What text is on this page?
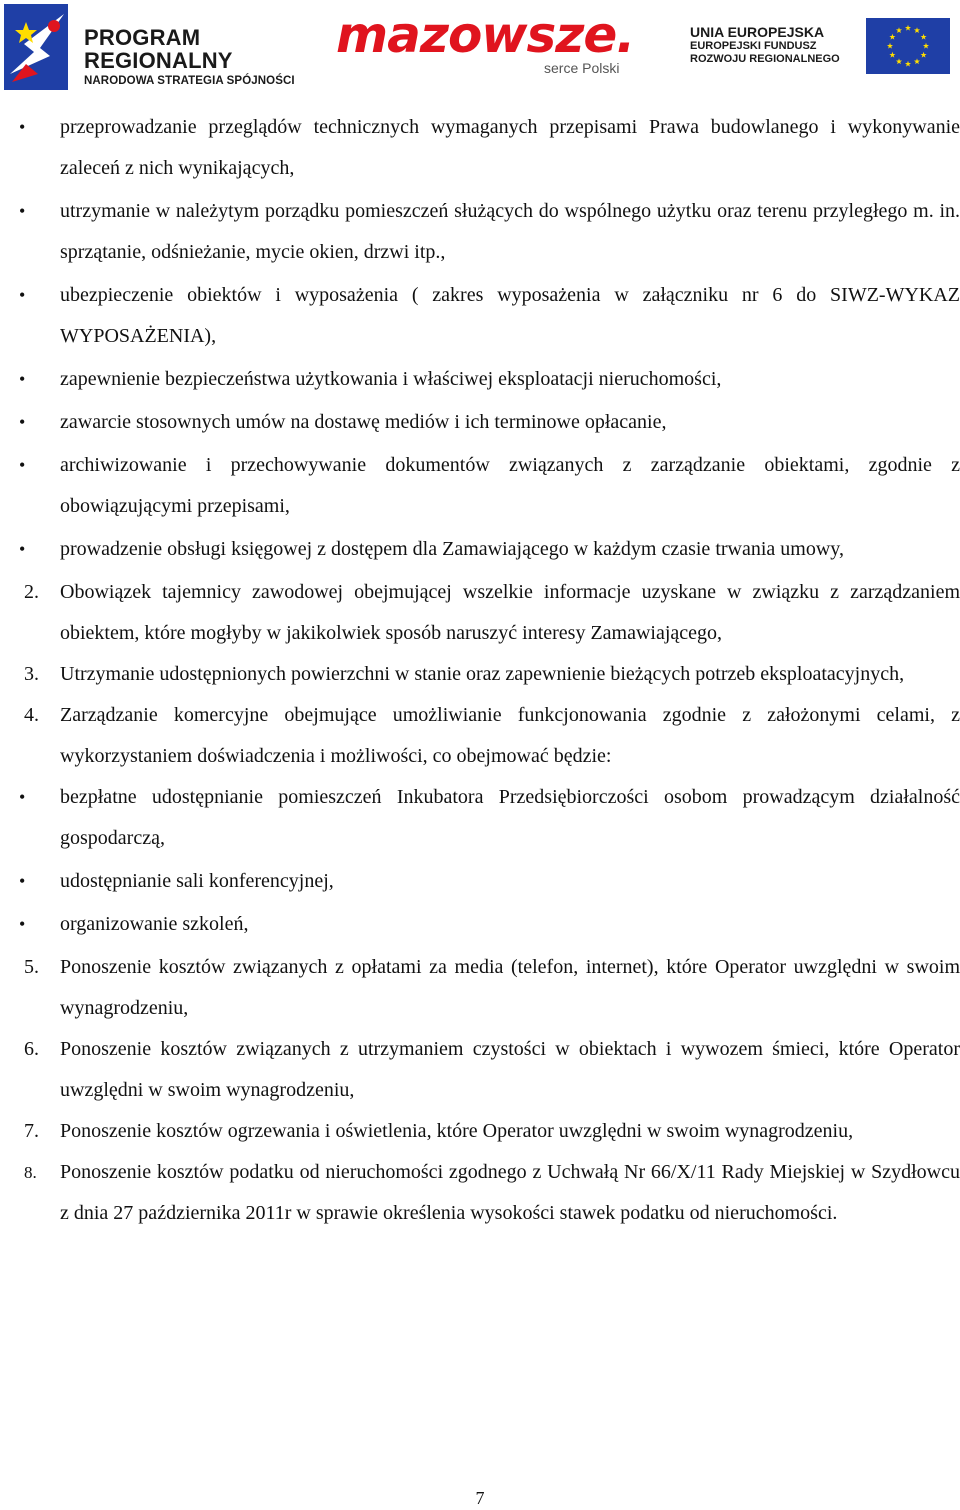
PROGRAM
REGIONALNY
NARODOWA STRATEGIA SPÓJNOŚCI
mazowsze.
serce Polski
UNIA EUROPEJSKA
EUROPEJSKI FUNDUSZ
ROZWOJU REGIONALNEGO
• przeprowadzanie przeglądów technicznych wymaganych przepisami Prawa budowlanego i wykonywanie zaleceń z nich wynikających,
• utrzymanie w należytym porządku pomieszczeń służących do wspólnego użytku oraz terenu przyległego m. in. sprzątanie, odśnieżanie, mycie okien, drzwi itp.,
• ubezpieczenie obiektów i wyposażenia ( zakres wyposażenia w załączniku nr 6 do SIWZ-WYKAZ WYPOSAŻENIA),
• zapewnienie bezpieczeństwa użytkowania i właściwej eksploatacji nieruchomości,
• zawarcie stosownych umów na dostawę mediów i ich terminowe opłacanie,
• archiwizowanie i przechowywanie dokumentów związanych z zarządzanie obiektami, zgodnie z obowiązującymi przepisami,
• prowadzenie obsługi księgowej z dostępem dla Zamawiającego w każdym czasie trwania umowy,
2. Obowiązek tajemnicy zawodowej obejmującej wszelkie informacje uzyskane w związku z zarządzaniem obiektem, które mogłyby w jakikolwiek sposób naruszyć interesy Zamawiającego,
3. Utrzymanie udostępnionych powierzchni w stanie oraz zapewnienie bieżących potrzeb eksploatacyjnych,
4. Zarządzanie komercyjne obejmujące umożliwianie funkcjonowania zgodnie z założonymi celami, z wykorzystaniem doświadczenia i możliwości, co obejmować będzie:
• bezpłatne udostępnianie pomieszczeń Inkubatora Przedsiębiorczości osobom prowadzącym działalność gospodarczą,
• udostępnianie sali konferencyjnej,
• organizowanie szkoleń,
5. Ponoszenie kosztów związanych z opłatami za media (telefon, internet), które Operator uwzględni w swoim wynagrodzeniu,
6. Ponoszenie kosztów związanych z utrzymaniem czystości w obiektach i wywozem śmieci, które Operator uwzględni w swoim wynagrodzeniu,
7. Ponoszenie kosztów ogrzewania i oświetlenia, które Operator uwzględni w swoim wynagrodzeniu,
8. Ponoszenie kosztów podatku od nieruchomości zgodnego z Uchwałą Nr 66/X/11 Rady Miejskiej w Szydłowcu z dnia 27 października 2011r w sprawie określenia wysokości stawek podatku od nieruchomości.
7
